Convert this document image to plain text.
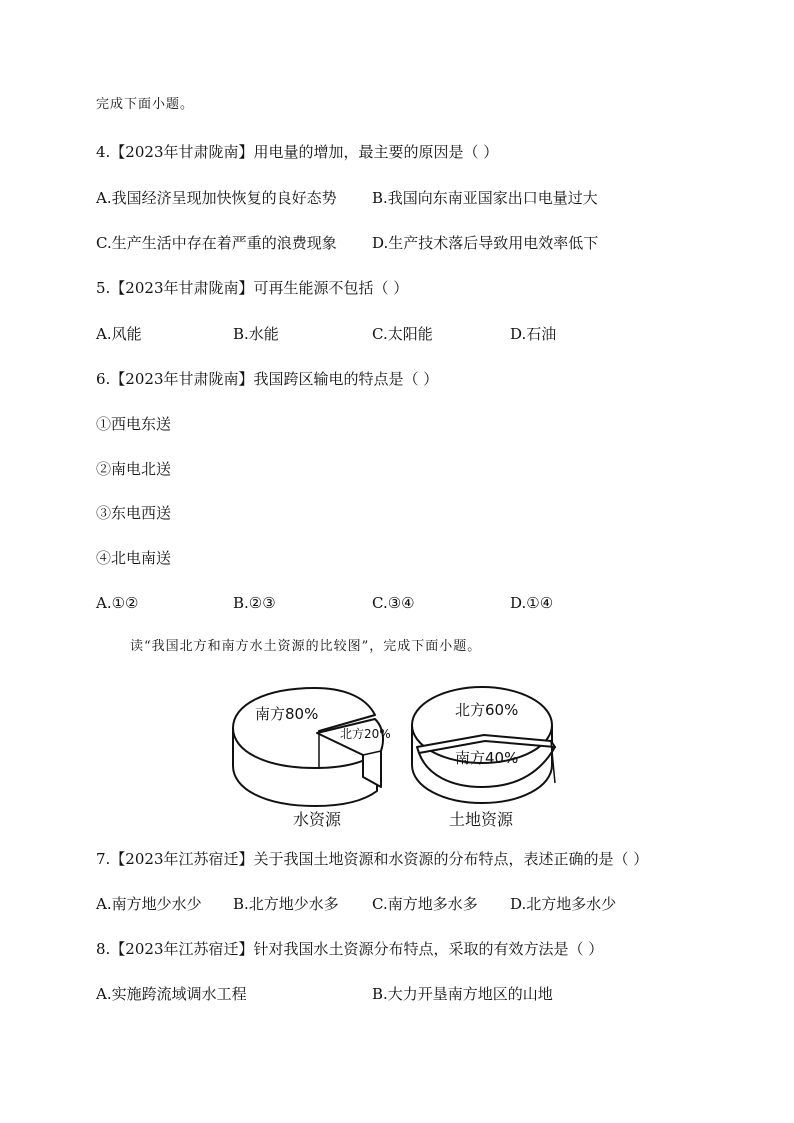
完成下面小题。
4.【2023年甘肃陇南】用电量的增加，最主要的原因是（ ）
A.我国经济呈现加快恢复的良好态势 B.我国向东南亚国家出口电量过大
C.生产生活中存在着严重的浪费现象 D.生产技术落后导致用电效率低下
5.【2023年甘肃陇南】可再生能源不包括（ ）
A.风能	B.水能	C.太阳能	D.石油
6.【2023年甘肃陇南】我国跨区输电的特点是（ ）
①西电东送
②南电北送
③东电西送
④北电南送
A.①②	B.②③	C.③④	D.①④
读“我国北方和南方水土资源的比较图”，完成下面小题。
南方80%
北方20%
水资源
北方60%
南方40%
土地资源
7.【2023年江苏宿迁】关于我国土地资源和水资源的分布特点，表述正确的是（ ）
A.南方地少水少 B.北方地少水多 C.南方地多水多 D.北方地多水少
8.【2023年江苏宿迁】针对我国水土资源分布特点，采取的有效方法是（ ）
A.实施跨流域调水工程	B.大力开垦南方地区的山地
